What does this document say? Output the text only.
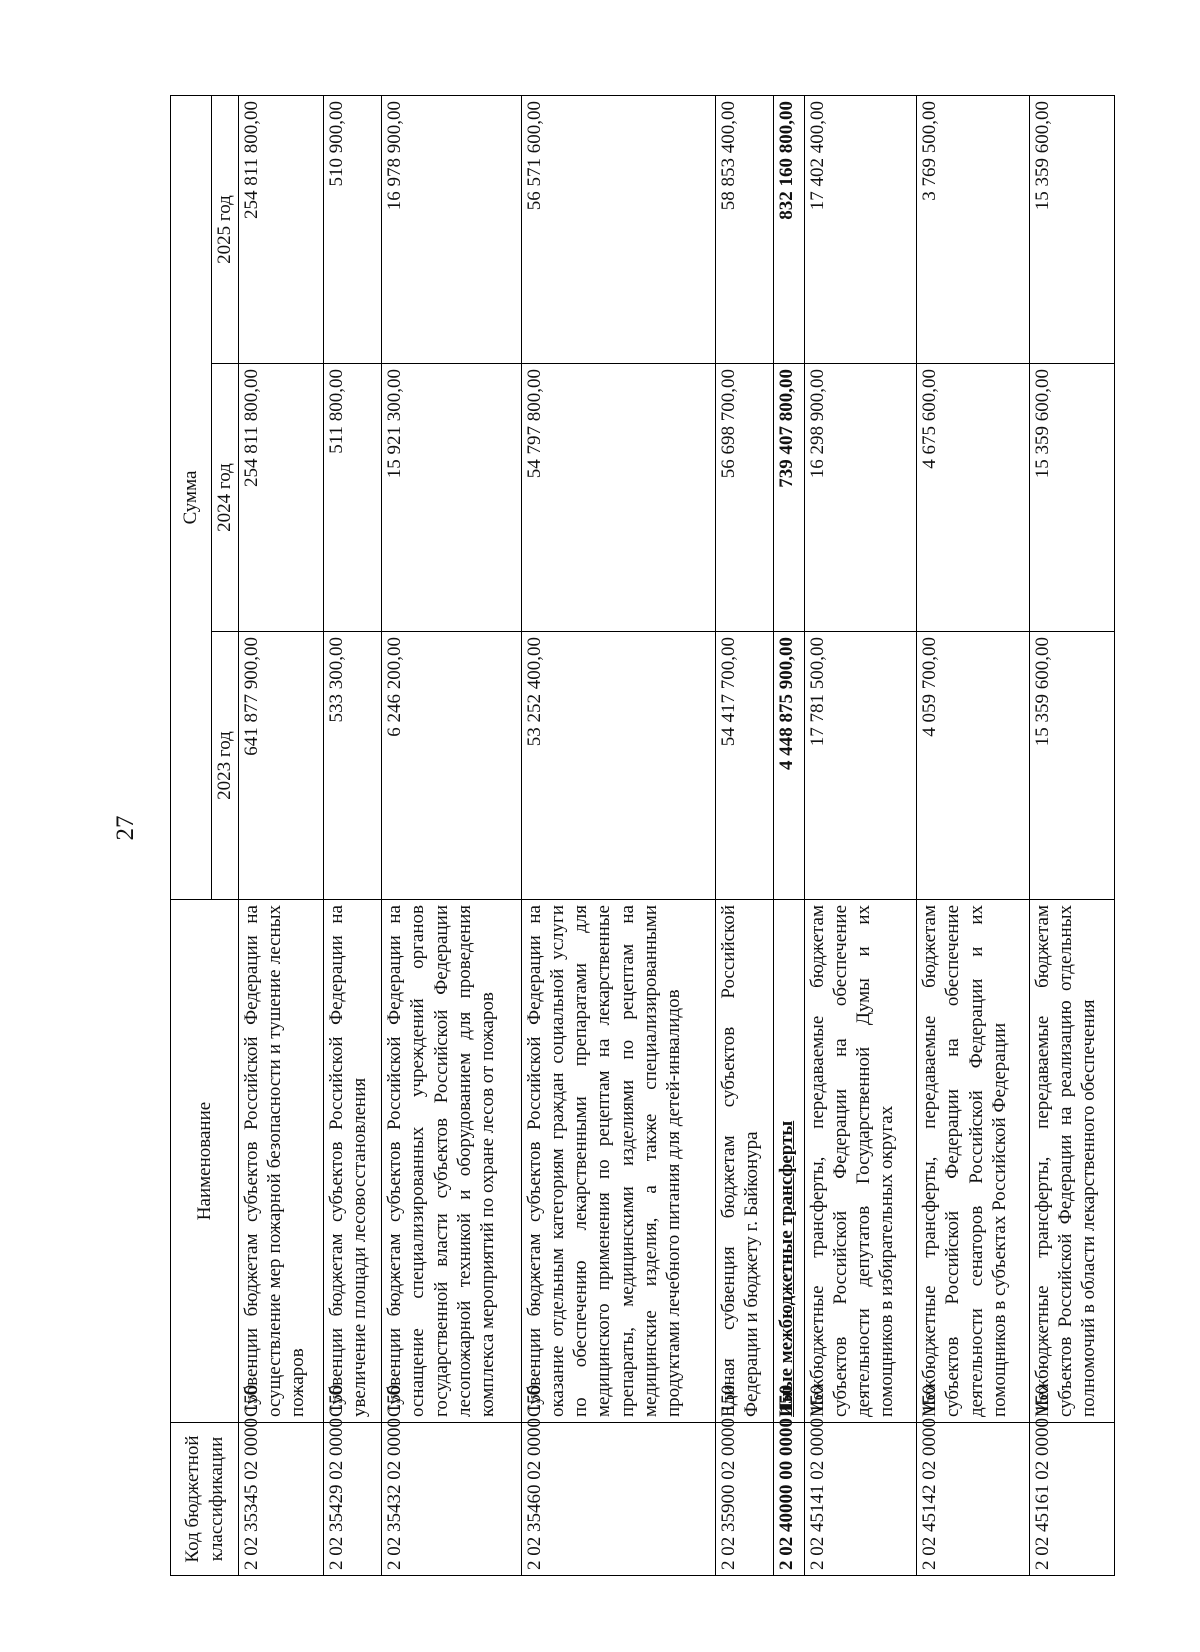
27
Код бюджетной классификации	Наименование	Сумма		
		2023 год	2024 год	2025 год
2 02 35345 02 0000 150	Субвенции бюджетам субъектов Российской Федерации на осуществление мер пожарной безопасности и тушение лесных пожаров	641 877 900,00	254 811 800,00	254 811 800,00
2 02 35429 02 0000 150	Субвенции бюджетам субъектов Российской Федерации на увеличение площади лесовосстановления	533 300,00	511 800,00	510 900,00
2 02 35432 02 0000 150	Субвенции бюджетам субъектов Российской Федерации на оснащение специализированных учреждений органов государственной власти субъектов Российской Федерации лесопожарной техникой и оборудованием для проведения комплекса мероприятий по охране лесов от пожаров	6 246 200,00	15 921 300,00	16 978 900,00
2 02 35460 02 0000 150	Субвенции бюджетам субъектов Российской Федерации на оказание отдельным категориям граждан социальной услуги по обеспечению лекарственными препаратами для медицинского применения по рецептам на лекарственные препараты, медицинскими изделиями по рецептам на медицинские изделия, а также специализированными продуктами лечебного питания для детей-инвалидов	53 252 400,00	54 797 800,00	56 571 600,00
2 02 35900 02 0000 150	Единая субвенция бюджетам субъектов Российской Федерации и бюджету г. Байконура	54 417 700,00	56 698 700,00	58 853 400,00
2 02 40000 00 0000 150	Иные межбюджетные трансферты	4 448 875 900,00	739 407 800,00	832 160 800,00
2 02 45141 02 0000 150	Межбюджетные трансферты, передаваемые бюджетам субъектов Российской Федерации на обеспечение деятельности депутатов Государственной Думы и их помощников в избирательных округах	17 781 500,00	16 298 900,00	17 402 400,00
2 02 45142 02 0000 150	Межбюджетные трансферты, передаваемые бюджетам субъектов Российской Федерации на обеспечение деятельности сенаторов Российской Федерации и их помощников в субъектах Российской Федерации	4 059 700,00	4 675 600,00	3 769 500,00
2 02 45161 02 0000 150	Межбюджетные трансферты, передаваемые бюджетам субъектов Российской Федерации на реализацию отдельных полномочий в области лекарственного обеспечения	15 359 600,00	15 359 600,00	15 359 600,00
